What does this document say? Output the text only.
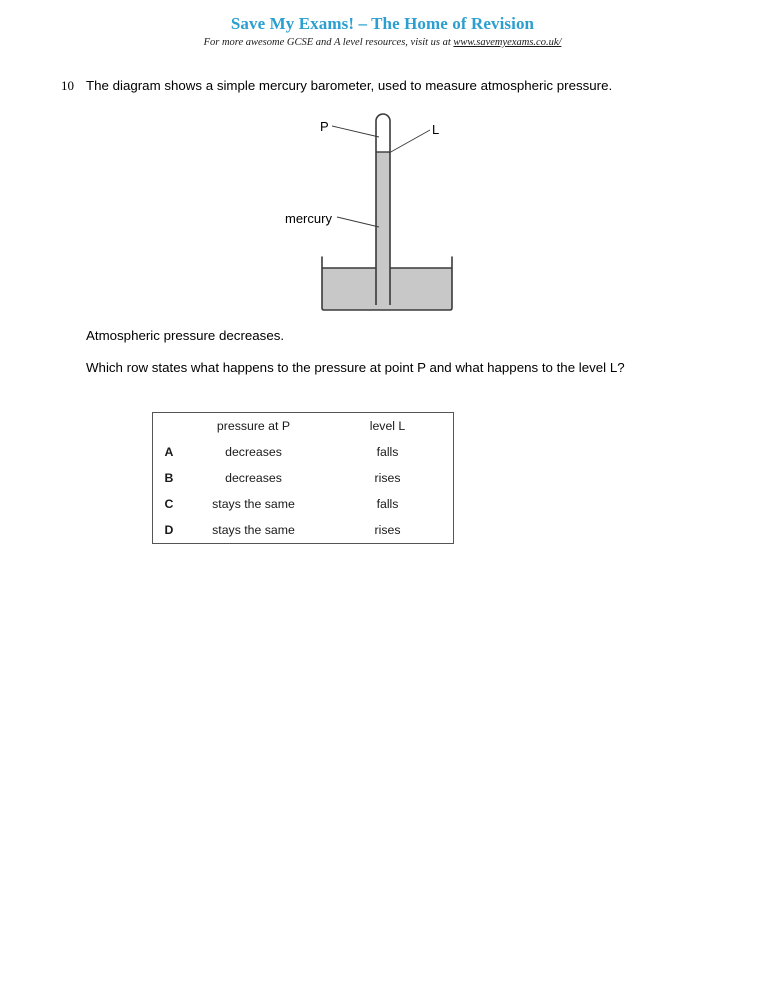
Save My Exams! – The Home of Revision
For more awesome GCSE and A level resources, visit us at www.savemyexams.co.uk/
10 The diagram shows a simple mercury barometer, used to measure atmospheric pressure.
P	L
mercury
Atmospheric pressure decreases.
Which row states what happens to the pressure at point P and what happens to the level L?
	pressure at P	level L
A	decreases	falls
B	decreases	rises
C	stays the same	falls
D	stays the same	rises
